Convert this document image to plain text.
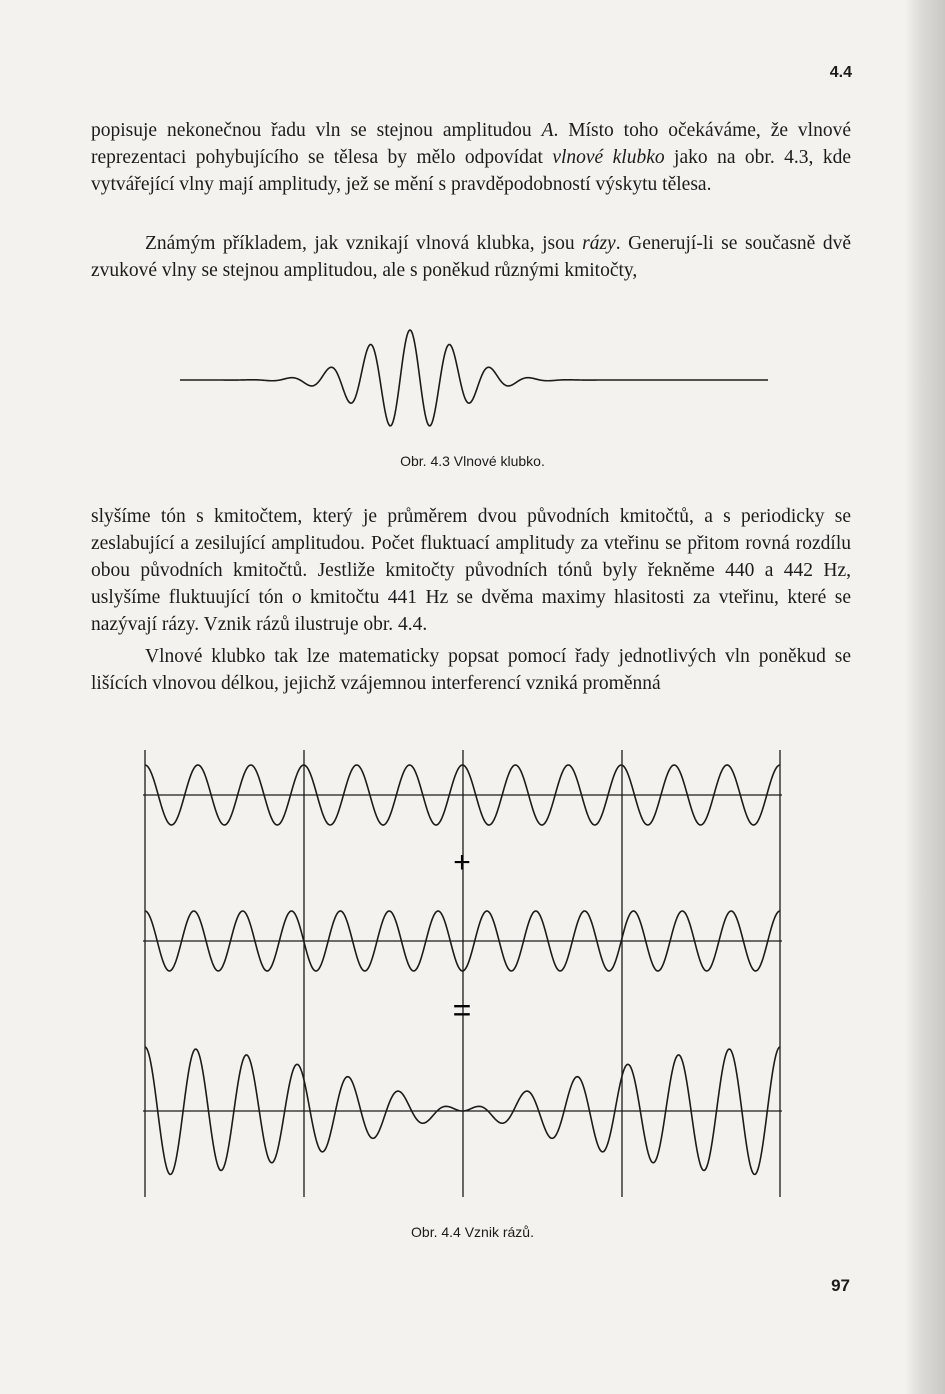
4.4

popisuje nekonečnou řadu vln se stejnou amplitudou A. Místo toho očekáváme, že vlnové reprezentaci pohybujícího se tělesa by mělo odpovídat vlnové klubko jako na obr. 4.3, kde vytvářející vlny mají amplitudy, jež se mění s pravděpodobností výskytu tělesa.

Známým příkladem, jak vznikají vlnová klubka, jsou rázy. Generují-li se současně dvě zvukové vlny se stejnou amplitudou, ale s poněkud různými kmitočty,

Obr. 4.3 Vlnové klubko.

slyšíme tón s kmitočtem, který je průměrem dvou původních kmitočtů, a s periodicky se zeslabující a zesilující amplitudou. Počet fluktuací amplitudy za vteřinu se přitom rovná rozdílu obou původních kmitočtů. Jestliže kmitočty původních tónů byly řekněme 440 a 442 Hz, uslyšíme fluktuující tón o kmitočtu 441 Hz se dvěma maximy hlasitosti za vteřinu, které se nazývají rázy. Vznik rázů ilustruje obr. 4.4.

Vlnové klubko tak lze matematicky popsat pomocí řady jednotlivých vln poněkud se lišících vlnovou délkou, jejichž vzájemnou interferencí vzniká proměnná

+
=
Obr. 4.4 Vznik rázů.
97
